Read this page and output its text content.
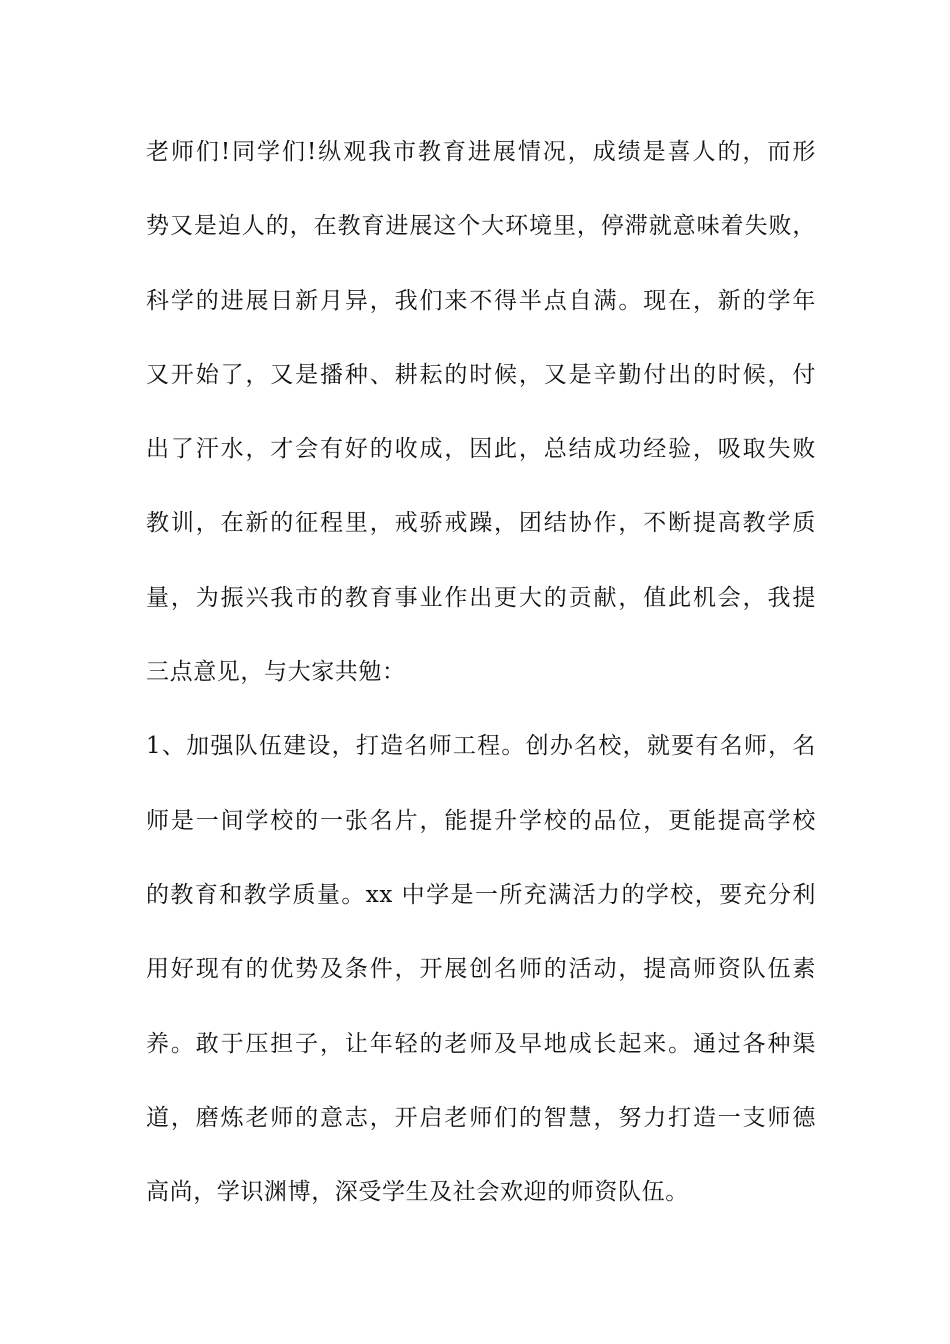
老师们!同学们!纵观我市教育进展情况，成绩是喜人的，而形
势又是迫人的，在教育进展这个大环境里，停滞就意味着失败，
科学的进展日新月异，我们来不得半点自满。现在，新的学年
又开始了，又是播种、耕耘的时候，又是辛勤付出的时候，付
出了汗水，才会有好的收成，因此，总结成功经验，吸取失败
教训，在新的征程里，戒骄戒躁，团结协作，不断提高教学质
量，为振兴我市的教育事业作出更大的贡献，值此机会，我提
三点意见，与大家共勉：
1、加强队伍建设，打造名师工程。创办名校，就要有名师，名
师是一间学校的一张名片，能提升学校的品位，更能提高学校
的教育和教学质量。xx 中学是一所充满活力的学校，要充分利
用好现有的优势及条件，开展创名师的活动，提高师资队伍素
养。敢于压担子，让年轻的老师及早地成长起来。通过各种渠
道，磨炼老师的意志，开启老师们的智慧，努力打造一支师德
高尚，学识渊博，深受学生及社会欢迎的师资队伍。
